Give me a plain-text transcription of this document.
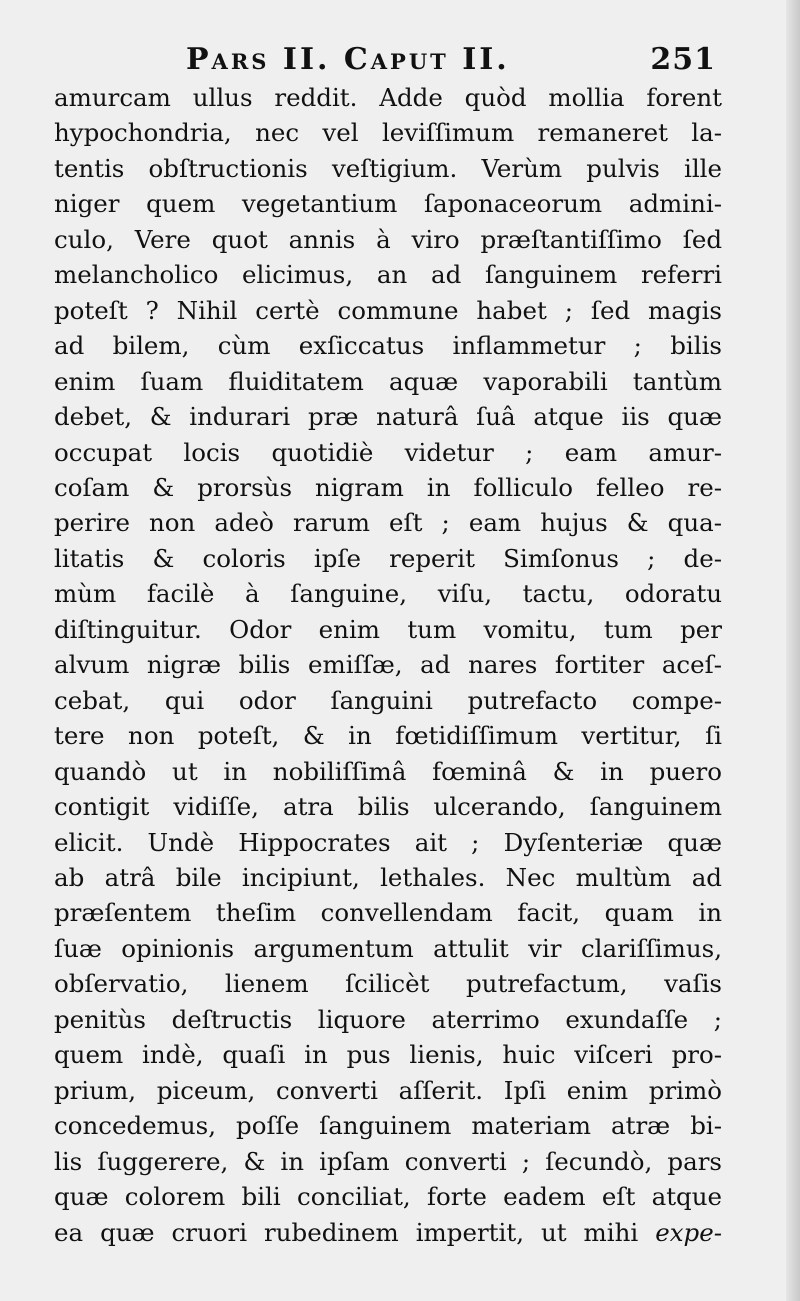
Pars II. Caput II.	251
amurcam ullus reddit. Adde quòd mollia forent
hypochondria, nec vel leviſſimum remaneret la-
tentis obſtructionis veſtigium. Verùm pulvis ille
niger quem vegetantium ſaponaceorum admini-
culo, Vere quot annis à viro præſtantiſſimo ſed
melancholico elicimus, an ad ſanguinem referri
poteſt ? Nihil certè commune habet ; ſed magis
ad bilem, cùm exſiccatus inflammetur ; bilis
enim ſuam fluiditatem aquæ vaporabili tantùm
debet, & indurari præ naturâ ſuâ atque iis quæ
occupat locis quotidiè videtur ; eam amur-
coſam & prorsùs nigram in folliculo felleo re-
perire non adeò rarum eſt ; eam hujus & qua-
litatis & coloris ipſe reperit Simſonus ; de-
mùm facilè à ſanguine, viſu, tactu, odoratu
diſtinguitur. Odor enim tum vomitu, tum per
alvum nigræ bilis emiſſæ, ad nares fortiter aceſ-
cebat, qui odor ſanguini putrefacto compe-
tere non poteſt, & in fœtidiſſimum vertitur, ſi
quandò ut in nobiliſſimâ fœminâ & in puero
contigit vidiſſe, atra bilis ulcerando, ſanguinem
elicit. Undè Hippocrates ait ; Dyſenteriæ quæ
ab atrâ bile incipiunt, lethales. Nec multùm ad
præſentem theſim convellendam facit, quam in
ſuæ opinionis argumentum attulit vir clariſſimus,
obſervatio, lienem ſcilicèt putrefactum, vaſis
penitùs deſtructis liquore aterrimo exundaſſe ;
quem indè, quaſi in pus lienis, huic viſceri pro-
prium, piceum, converti aſſerit. Ipſi enim primò
concedemus, poſſe ſanguinem materiam atræ bi-
lis ſuggerere, & in ipſam converti ; ſecundò, pars
quæ colorem bili conciliat, forte eadem eſt atque
ea quæ cruori rubedinem impertit, ut mihi expe-
